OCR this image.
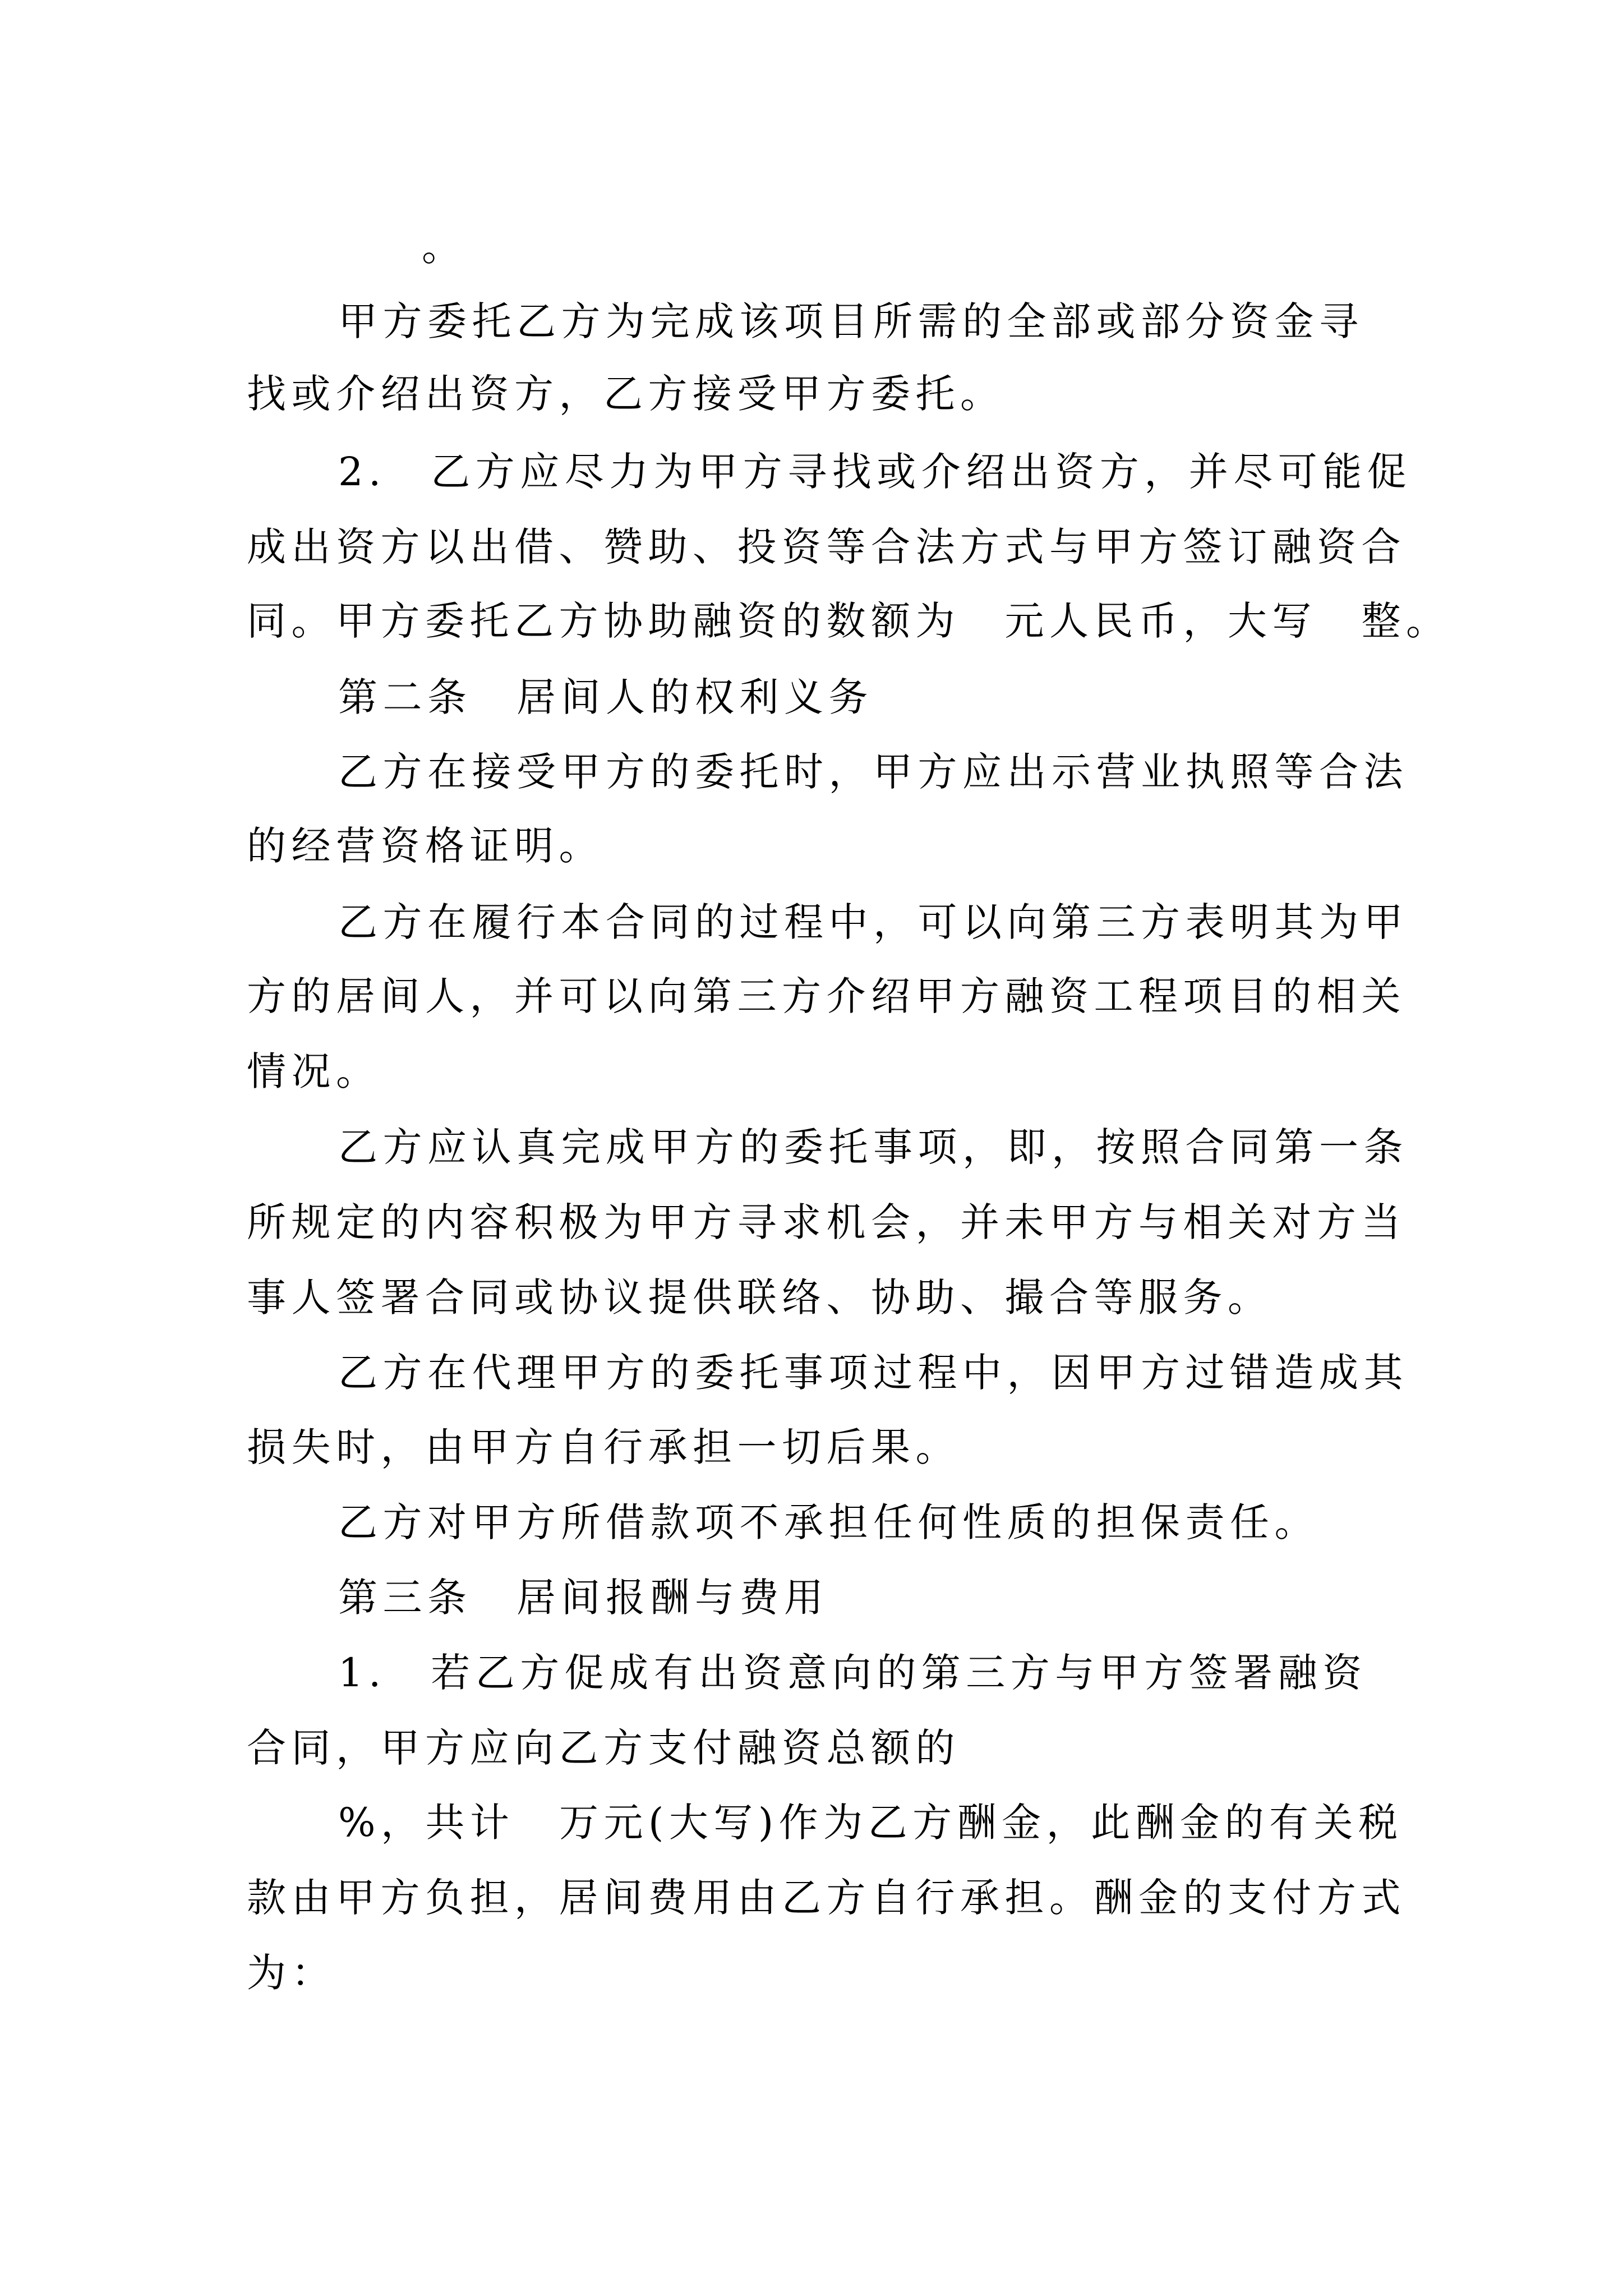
。
甲方委托乙方为完成该项目所需的全部或部分资金寻
找或介绍出资方，乙方接受甲方委托。
2.　乙方应尽力为甲方寻找或介绍出资方，并尽可能促
成出资方以出借、赞助、投资等合法方式与甲方签订融资合
同。甲方委托乙方协助融资的数额为　元人民币，大写　整。
第二条　居间人的权利义务
乙方在接受甲方的委托时，甲方应出示营业执照等合法
的经营资格证明。
乙方在履行本合同的过程中，可以向第三方表明其为甲
方的居间人，并可以向第三方介绍甲方融资工程项目的相关
情况。
乙方应认真完成甲方的委托事项，即，按照合同第一条
所规定的内容积极为甲方寻求机会，并未甲方与相关对方当
事人签署合同或协议提供联络、协助、撮合等服务。
乙方在代理甲方的委托事项过程中，因甲方过错造成其
损失时，由甲方自行承担一切后果。
乙方对甲方所借款项不承担任何性质的担保责任。
第三条　居间报酬与费用
1.　若乙方促成有出资意向的第三方与甲方签署融资
合同，甲方应向乙方支付融资总额的
%，共计　万元(大写)作为乙方酬金，此酬金的有关税
款由甲方负担，居间费用由乙方自行承担。酬金的支付方式
为：
